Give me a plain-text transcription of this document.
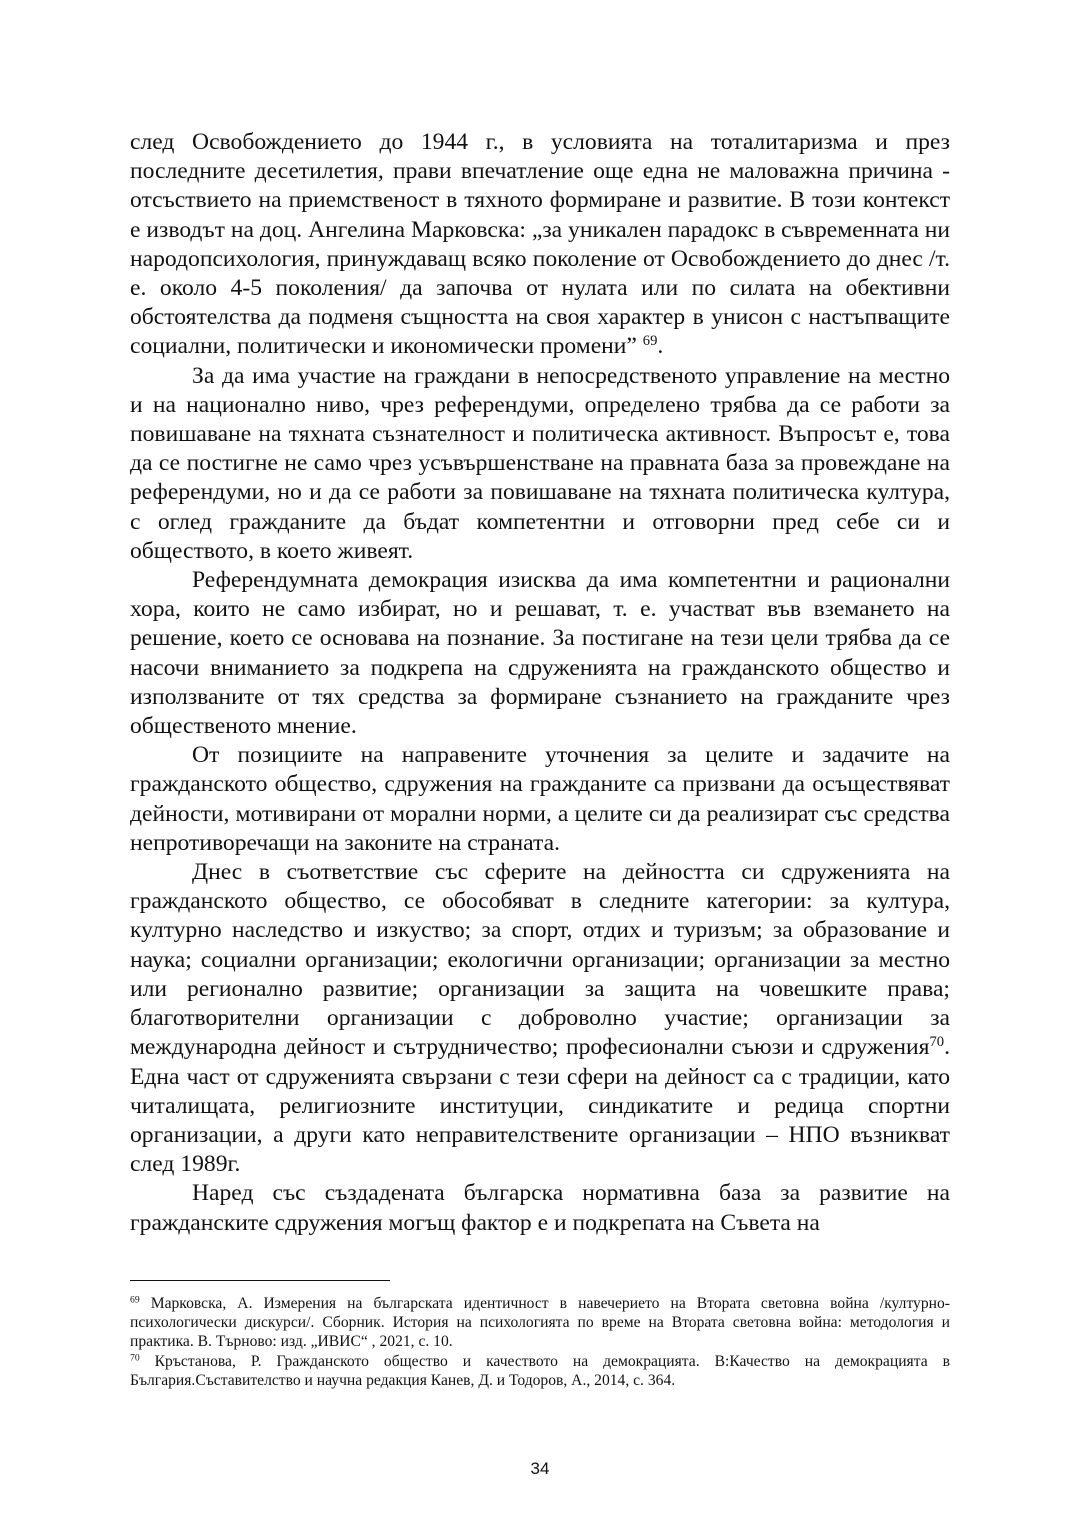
след Освобождението до 1944 г., в условията на тоталитаризма и през последните десетилетия, прави впечатление още една не маловажна причина - отсъствието на приемственост в тяхното формиране и развитие. В този контекст е изводът на доц. Ангелина Марковска: „за уникален парадокс в съвременната ни народопсихология, принуждаващ всяко поколение от Освобождението до днес /т. е. около 4-5 поколения/ да започва от нулата или по силата на обективни обстоятелства да подменя същността на своя характер в унисон с настъпващите социални, политически и икономически промени” $^{69}$.

За да има участие на граждани в непосредственото управление на местно и на национално ниво, чрез референдуми, определено трябва да се работи за повишаване на тяхната съзнателност и политическа активност. Въпросът е, това да се постигне не само чрез усъвършенстване на правната база за провеждане на референдуми, но и да се работи за повишаване на тяхната политическа култура, с оглед гражданите да бъдат компетентни и отговорни пред себе си и обществото, в което живеят.

Референдумната демокрация изисква да има компетентни и рационални хора, които не само избират, но и решават, т. е. участват във вземането на решение, което се основава на познание. За постигане на тези цели трябва да се насочи вниманието за подкрепа на сдруженията на гражданското общество и използваните от тях средства за формиране съзнанието на гражданите чрез общественото мнение.

От позициите на направените уточнения за целите и задачите на гражданското общество, сдружения на гражданите са призвани да осъществяват дейности, мотивирани от морални норми, а целите си да реализират със средства непротиворечащи на законите на страната.

Днес в съответствие със сферите на дейността си сдруженията на гражданското общество, се обособяват в следните категории: за култура, културно наследство и изкуство; за спорт, отдих и туризъм; за образование и наука; социални организации; екологични организации; организации за местно или регионално развитие; организации за защита на човешките права; благотворителни организации с доброволно участие; организации за международна дейност и сътрудничество; професионални съюзи и сдружения$^{70}$. Една част от сдруженията свързани с тези сфери на дейност са с традиции, като читалищата, религиозните институции, синдикатите и редица спортни организации, а други като неправителствените организации – НПО възникват след 1989г.

Наред със създадената българска нормативна база за развитие на гражданските сдружения могъщ фактор е и подкрепата на Съвета на

$^{69}$ Марковска, А. Измерения на българската идентичност в навечерието на Втората световна война /културно-психологически дискурси/. Сборник. История на психологията по време на Втората световна война: методология и практика. В. Търново: изд. „ИВИС“ , 2021, с. 10.

$^{70}$ Кръстанова, Р. Гражданското общество и качеството на демокрацията. В:Качество на демокрацията в България.Съставителство и научна редакция Канев, Д. и Тодоров, А., 2014, с. 364.

34
